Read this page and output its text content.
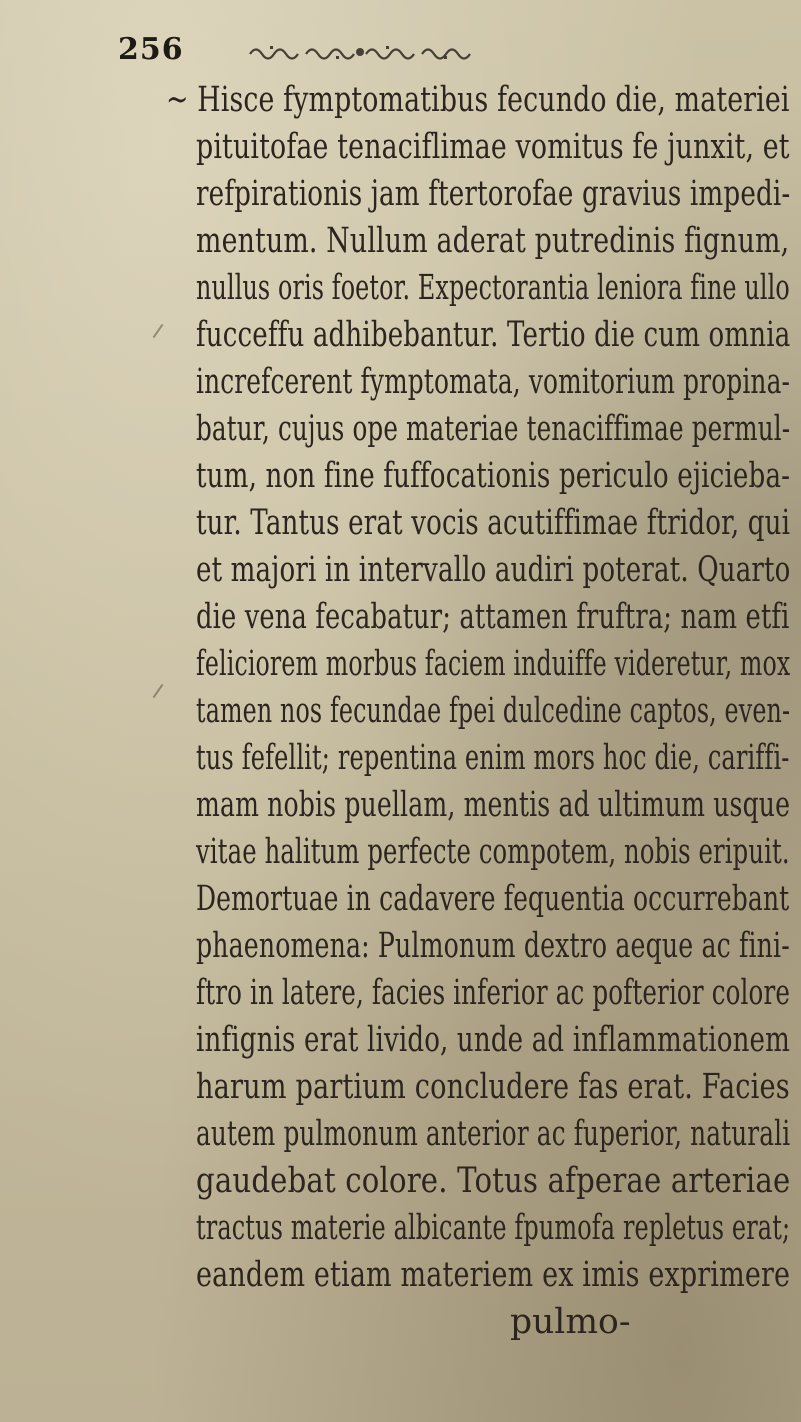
256
~ Hisce fymptomatibus fecundo die, materiei
pituitofae tenaciflimae vomitus fe junxit, et
refpirationis jam ftertorofae gravius impedi-
mentum. Nullum aderat putredinis fignum,
nullus oris foetor. Expectorantia leniora fine ullo
fucceffu adhibebantur. Tertio die cum omnia
increfcerent fymptomata, vomitorium propina-
batur, cujus ope materiae tenaciffimae permul-
tum, non fine fuffocationis periculo ejicieba-
tur. Tantus erat vocis acutiffimae ftridor, qui
et majori in intervallo audiri poterat. Quarto
die vena fecabatur; attamen fruftra; nam etfi
feliciorem morbus faciem induiffe videretur, mox
tamen nos fecundae fpei dulcedine captos, even-
tus fefellit; repentina enim mors hoc die, cariffi-
mam nobis puellam, mentis ad ultimum usque
vitae halitum perfecte compotem, nobis eripuit.
Demortuae in cadavere fequentia occurrebant
phaenomena: Pulmonum dextro aeque ac fini-
ftro in latere, facies inferior ac pofterior colore
infignis erat livido, unde ad inflammationem
harum partium concludere fas erat. Facies
autem pulmonum anterior ac fuperior, naturali
gaudebat colore. Totus afperae arteriae
tractus materie albicante fpumofa repletus erat;
eandem etiam materiem ex imis exprimere
pulmo-
